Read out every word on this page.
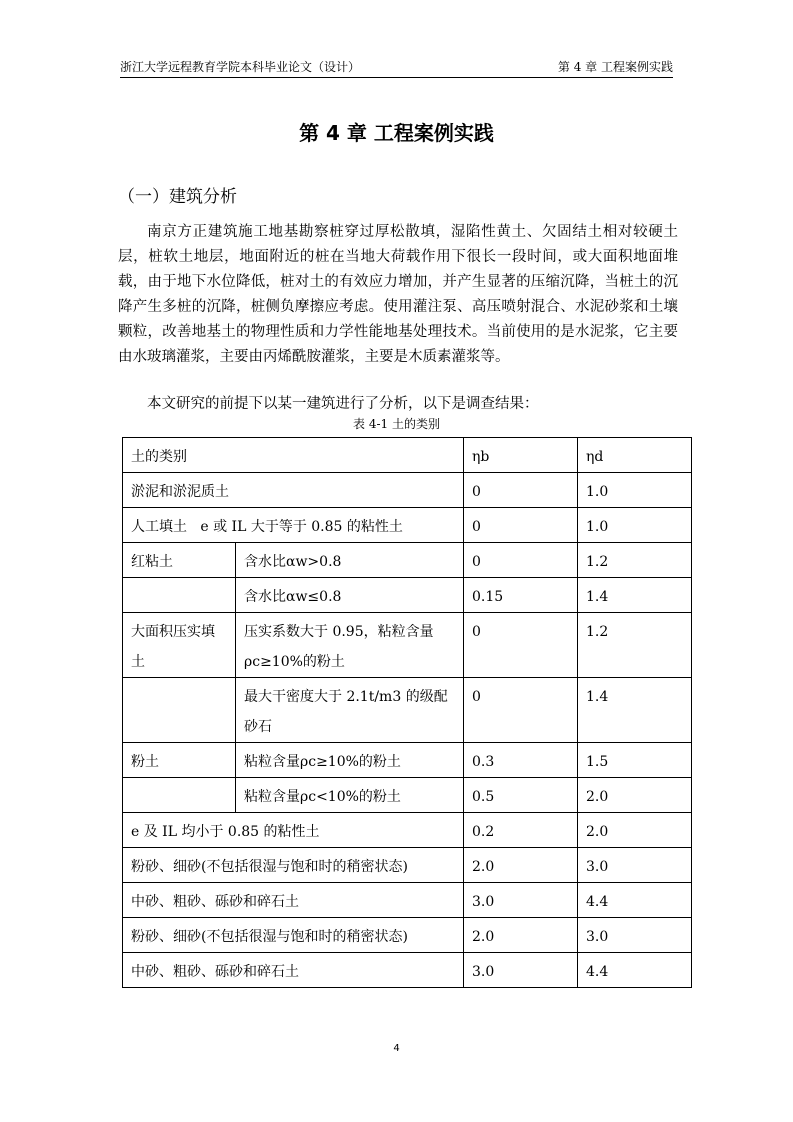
浙江大学远程教育学院本科毕业论文（设计）	第 4 章 工程案例实践
第 4 章 工程案例实践
（一）建筑分析

南京方正建筑施工地基勘察桩穿过厚松散填，湿陷性黄土、欠固结土相对较硬土层，桩软土地层，地面附近的桩在当地大荷载作用下很长一段时间，或大面积地面堆载，由于地下水位降低，桩对土的有效应力增加，并产生显著的压缩沉降，当桩土的沉降产生多桩的沉降，桩侧负摩擦应考虑。使用灌注泵、高压喷射混合、水泥砂浆和土壤颗粒，改善地基土的物理性质和力学性能地基处理技术。当前使用的是水泥浆，它主要由水玻璃灌浆，主要由丙烯酰胺灌浆，主要是木质素灌浆等。

本文研究的前提下以某一建筑进行了分析，以下是调查结果：

表 4-1 土的类别
土的类别		ηb	ηd
淤泥和淤泥质土		0	1.0
人工填土   e 或 IL 大于等于 0.85 的粘性土		0	1.0
红粘土	含水比αw>0.8	0	1.2
	含水比αw≤0.8	0.15	1.4
大面积压实填土	压实系数大于 0.95，粘粒含量ρc≥10%的粉土	0	1.2
	最大干密度大于 2.1t/m3 的级配砂石	0	1.4
粉土	粘粒含量ρc≥10%的粉土	0.3	1.5
	粘粒含量ρc<10%的粉土	0.5	2.0
e 及 IL 均小于 0.85 的粘性土		0.2	2.0
粉砂、细砂(不包括很湿与饱和时的稍密状态)		2.0	3.0
中砂、粗砂、砾砂和碎石土		3.0	4.4
粉砂、细砂(不包括很湿与饱和时的稍密状态)		2.0	3.0
中砂、粗砂、砾砂和碎石土		3.0	4.4
4
